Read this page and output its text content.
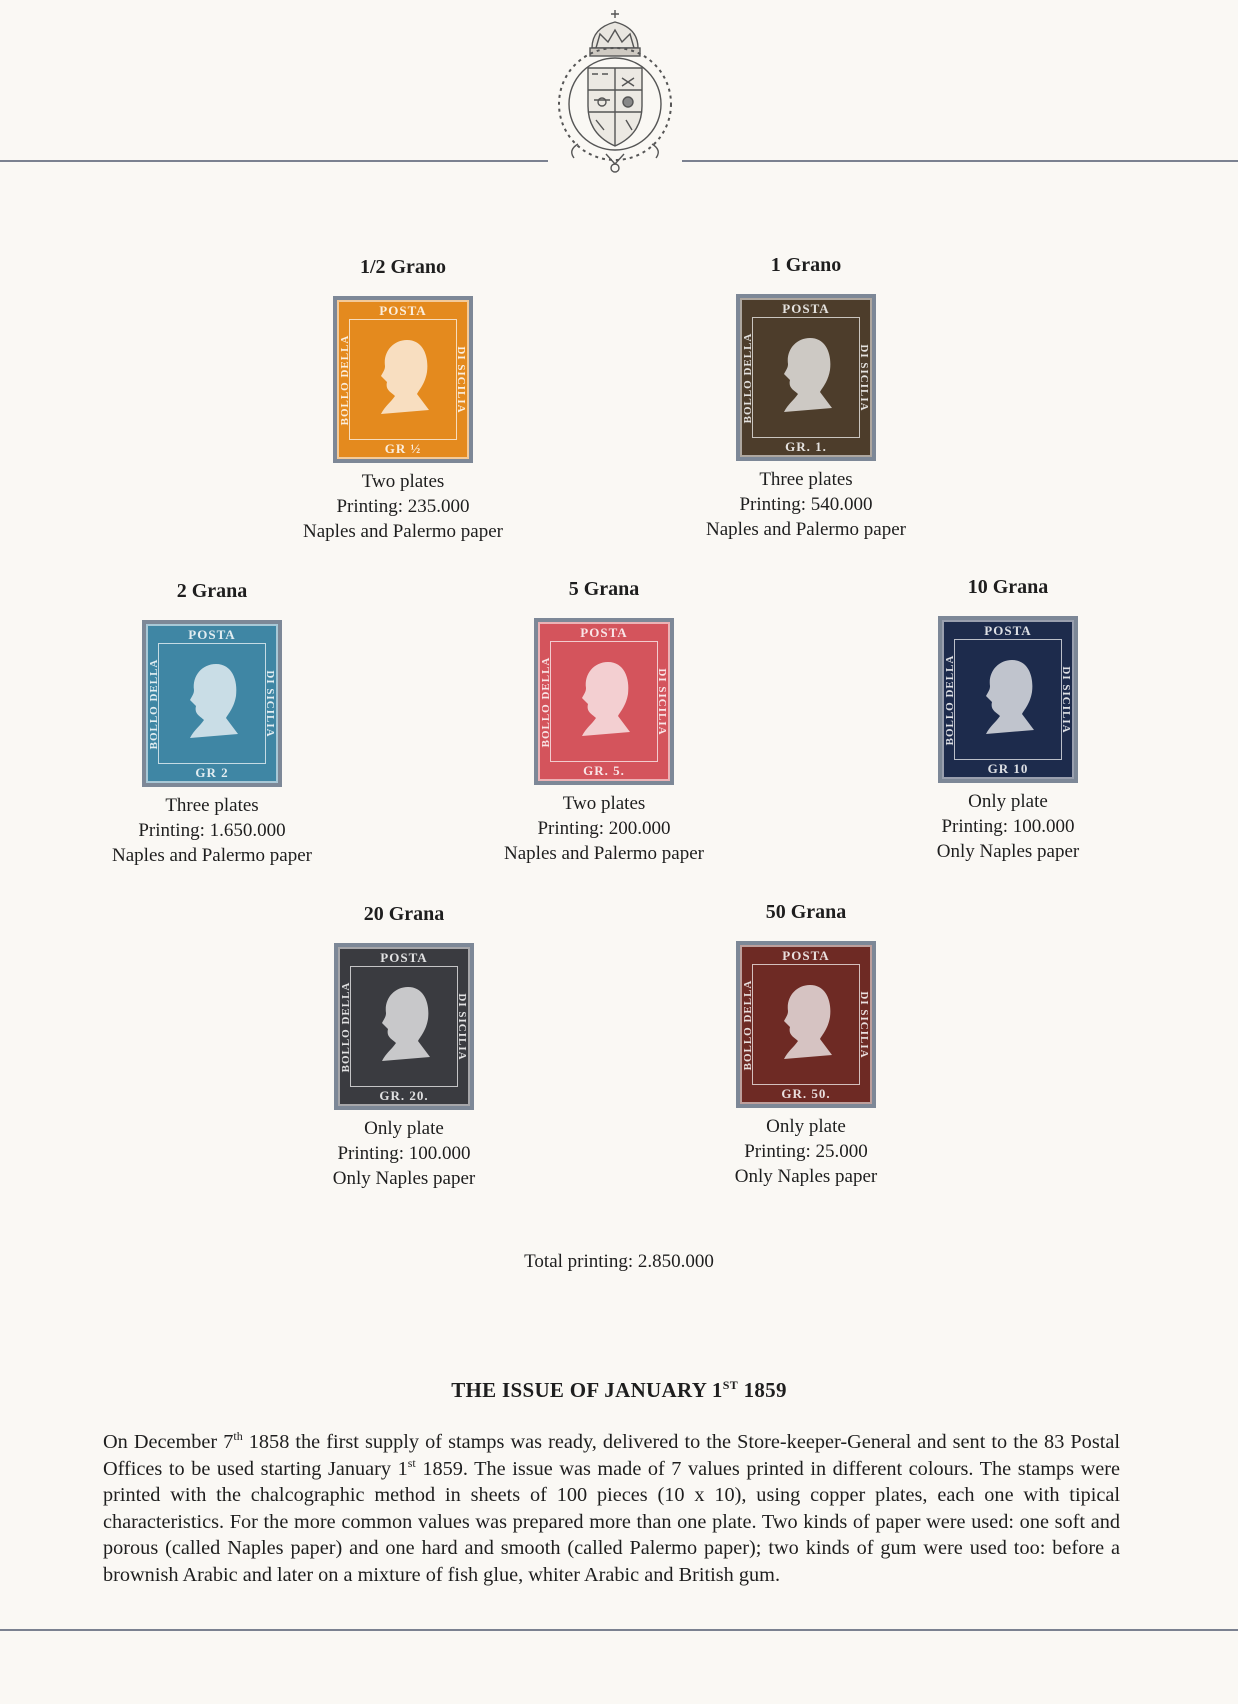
1/2 Grano
POSTA
BOLLO DELLA	DI SICILIA
GR ½
Two plates
Printing: 235.000
Naples and Palermo paper
1 Grano
POSTA
BOLLO DELLA	DI SICILIA
GR. 1.
Three plates
Printing: 540.000
Naples and Palermo paper
2 Grana
POSTA
BOLLO DELLA	DI SICILIA
GR 2
Three plates
Printing: 1.650.000
Naples and Palermo paper
5 Grana
POSTA
BOLLO DELLA	DI SICILIA
GR. 5.
Two plates
Printing: 200.000
Naples and Palermo paper
10 Grana
POSTA
BOLLO DELLA	DI SICILIA
GR 10
Only plate
Printing: 100.000
Only Naples paper
20 Grana
POSTA
BOLLO DELLA	DI SICILIA
GR. 20.
Only plate
Printing: 100.000
Only Naples paper
50 Grana
POSTA
BOLLO DELLA	DI SICILIA
GR. 50.
Only plate
Printing: 25.000
Only Naples paper
Total printing: 2.850.000
THE ISSUE OF JANUARY 1ST 1859
On December 7th 1858 the first supply of stamps was ready, delivered to the Store-keeper-General and sent to the 83 Postal Offices to be used starting January 1st 1859. The issue was made of 7 values printed in different colours. The stamps were printed with the chalcographic method in sheets of 100 pieces (10 x 10), using copper plates, each one with tipical characteristics. For the more common values was prepared more than one plate. Two kinds of paper were used: one soft and porous (called Naples paper) and one hard and smooth (called Palermo paper); two kinds of gum were used too: before a brownish Arabic and later on a mixture of fish glue, whiter Arabic and British gum.
